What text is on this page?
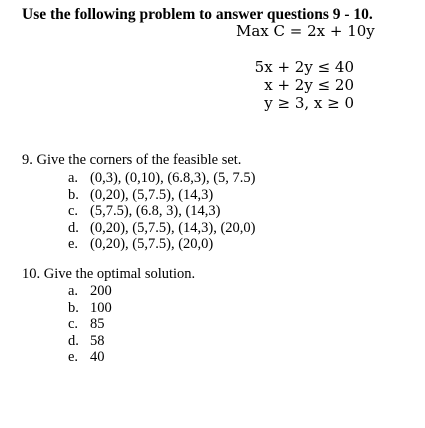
Use the following problem to answer questions 9 - 10.
Max C = 2x + 10y
5x + 2y ≤ 40
x + 2y ≤ 20
y ≥ 3, x ≥ 0
9. Give the corners of the feasible set.
a. (0,3), (0,10), (6.8,3), (5, 7.5)
b. (0,20), (5,7.5), (14,3)
c. (5,7.5), (6.8, 3), (14,3)
d. (0,20), (5,7.5), (14,3), (20,0)
e. (0,20), (5,7.5), (20,0)
10. Give the optimal solution.
a. 200
b. 100
c. 85
d. 58
e. 40
